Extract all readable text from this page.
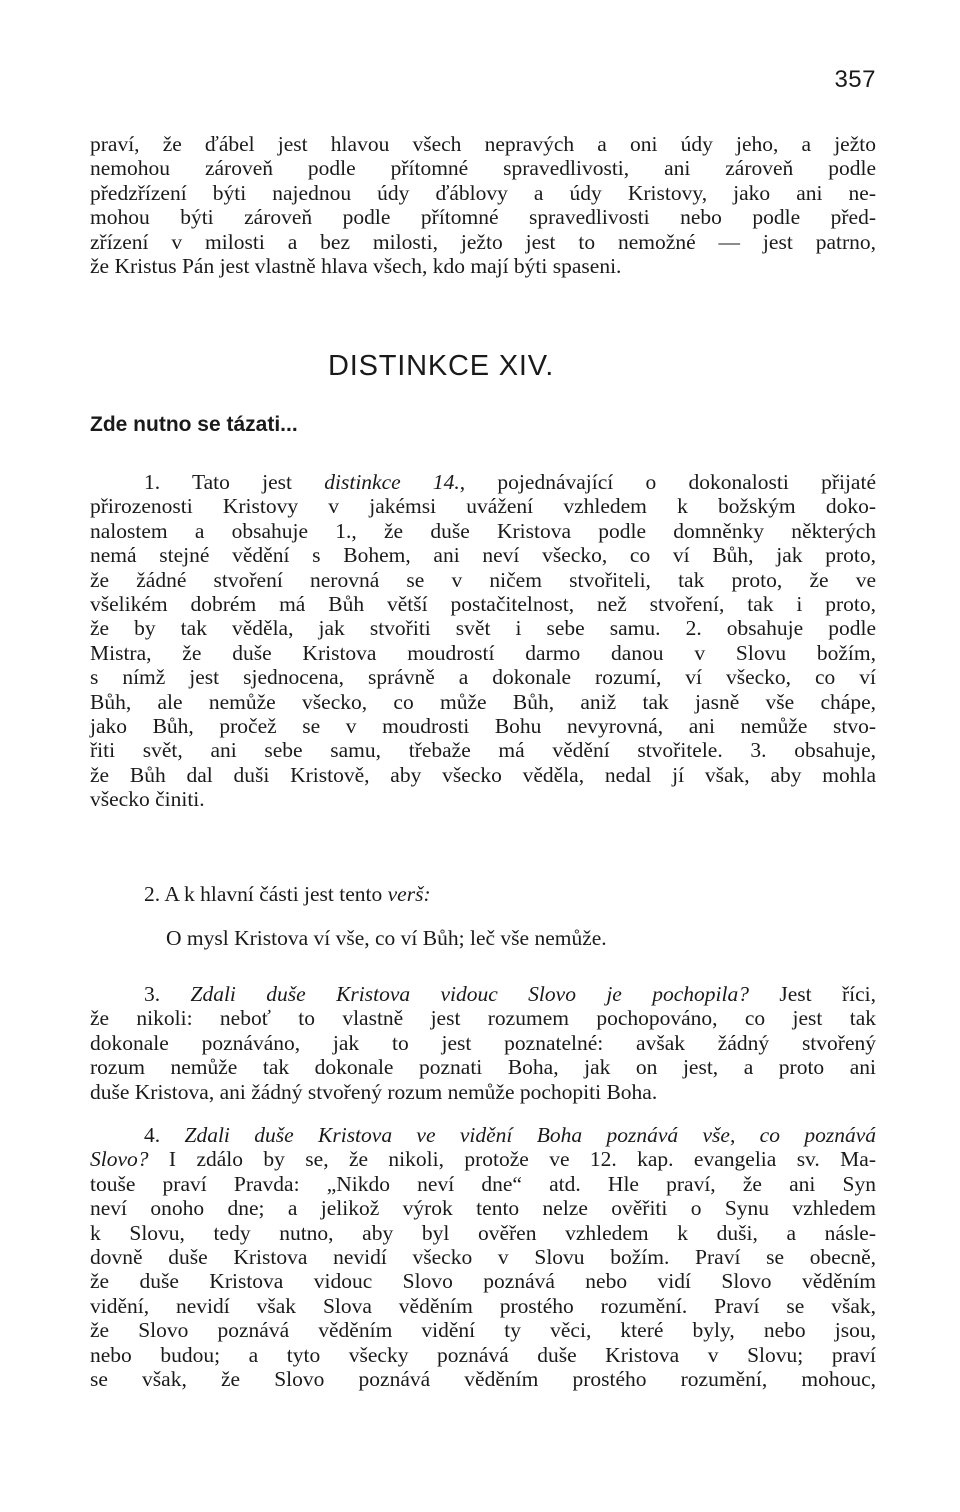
357
praví, že ďábel jest hlavou všech nepravých a oni údy jeho, a ježto
nemohou zároveň podle přítomné spravedlivosti, ani zároveň podle
předzřízení býti najednou údy ďáblovy a údy Kristovy, jako ani ne-
mohou býti zároveň podle přítomné spravedlivosti nebo podle před-
zřízení v milosti a bez milosti, ježto jest to nemožné — jest patrno,
že Kristus Pán jest vlastně hlava všech, kdo mají býti spaseni.
DISTINKCE XIV.
Zde nutno se tázati...
1. Tato jest distinkce 14., pojednávající o dokonalosti přijaté
přirozenosti Kristovy v jakémsi uvážení vzhledem k božským doko-
nalostem a obsahuje 1., že duše Kristova podle domněnky některých
nemá stejné vědění s Bohem, ani neví všecko, co ví Bůh, jak proto,
že žádné stvoření nerovná se v ničem stvořiteli, tak proto, že ve
všelikém dobrém má Bůh větší postačitelnost, než stvoření, tak i proto,
že by tak věděla, jak stvořiti svět i sebe samu. 2. obsahuje podle
Mistra, že duše Kristova moudrostí darmo danou v Slovu božím,
s nímž jest sjednocena, správně a dokonale rozumí, ví všecko, co ví
Bůh, ale nemůže všecko, co může Bůh, aniž tak jasně vše chápe,
jako Bůh, pročež se v moudrosti Bohu nevyrovná, ani nemůže stvo-
řiti svět, ani sebe samu, třebaže má vědění stvořitele. 3. obsahuje,
že Bůh dal duši Kristově, aby všecko věděla, nedal jí však, aby mohla
všecko činiti.
2. A k hlavní části jest tento verš:
O mysl Kristova ví vše, co ví Bůh; leč vše nemůže.
3. Zdali duše Kristova vidouc Slovo je pochopila? Jest říci,
že nikoli: neboť to vlastně jest rozumem pochopováno, co jest tak
dokonale poznáváno, jak to jest poznatelné: avšak žádný stvořený
rozum nemůže tak dokonale poznati Boha, jak on jest, a proto ani
duše Kristova, ani žádný stvořený rozum nemůže pochopiti Boha.
4. Zdali duše Kristova ve vidění Boha poznává vše, co poznává
Slovo? I zdálo by se, že nikoli, protože ve 12. kap. evangelia sv. Ma-
touše praví Pravda: „Nikdo neví dne“ atd. Hle praví, že ani Syn
neví onoho dne; a jelikož výrok tento nelze ověřiti o Synu vzhledem
k Slovu, tedy nutno, aby byl ověřen vzhledem k duši, a násle-
dovně duše Kristova nevidí všecko v Slovu božím. Praví se obecně,
že duše Kristova vidouc Slovo poznává nebo vidí Slovo věděním
vidění, nevidí však Slova věděním prostého rozumění. Praví se však,
že Slovo poznává věděním vidění ty věci, které byly, nebo jsou,
nebo budou; a tyto všecky poznává duše Kristova v Slovu; praví
se však, že Slovo poznává věděním prostého rozumění, mohouc,
